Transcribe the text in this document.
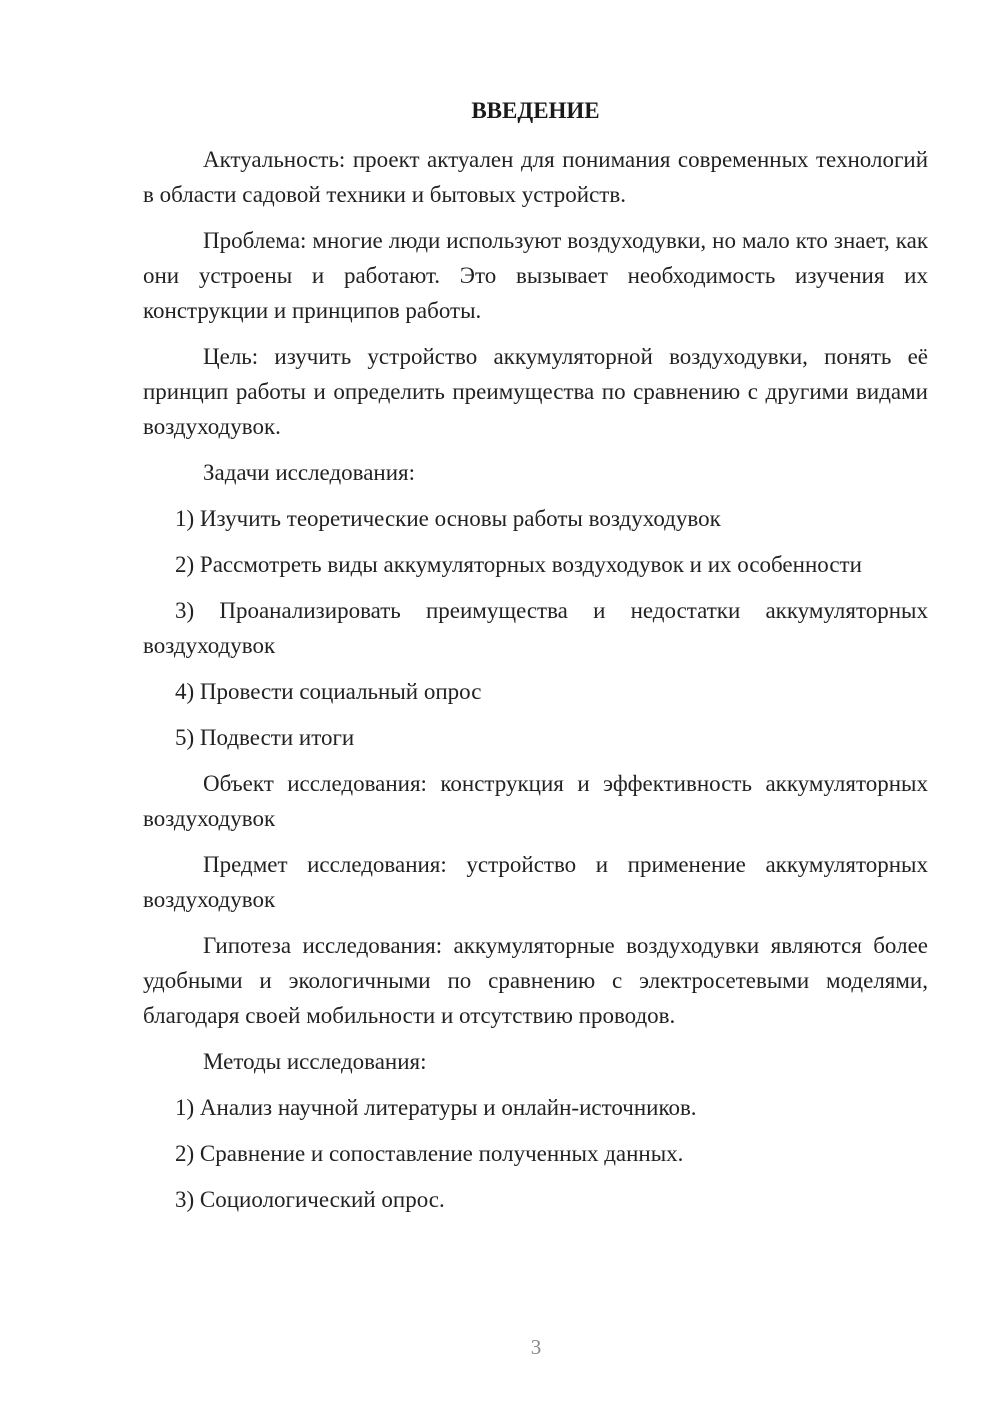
ВВЕДЕНИЕ

Актуальность: проект актуален для понимания современных технологий в области садовой техники и бытовых устройств.

Проблема: многие люди используют воздуходувки, но мало кто знает, как они устроены и работают. Это вызывает необходимость изучения их конструкции и принципов работы.

Цель: изучить устройство аккумуляторной воздуходувки, понять её принцип работы и определить преимущества по сравнению с другими видами воздуходувок.

Задачи исследования:

1) Изучить теоретические основы работы воздуходувок

2) Рассмотреть виды аккумуляторных воздуходувок и их особенности

3) Проанализировать преимущества и недостатки аккумуляторных воздуходувок

4) Провести социальный опрос

5) Подвести итоги

Объект исследования: конструкция и эффективность аккумуляторных воздуходувок

Предмет исследования: устройство и применение аккумуляторных воздуходувок

Гипотеза исследования: аккумуляторные воздуходувки являются более удобными и экологичными по сравнению с электросетевыми моделями, благодаря своей мобильности и отсутствию проводов.

Методы исследования:

1) Анализ научной литературы и онлайн-источников.

2) Сравнение и сопоставление полученных данных.

3) Социологический опрос.

3
